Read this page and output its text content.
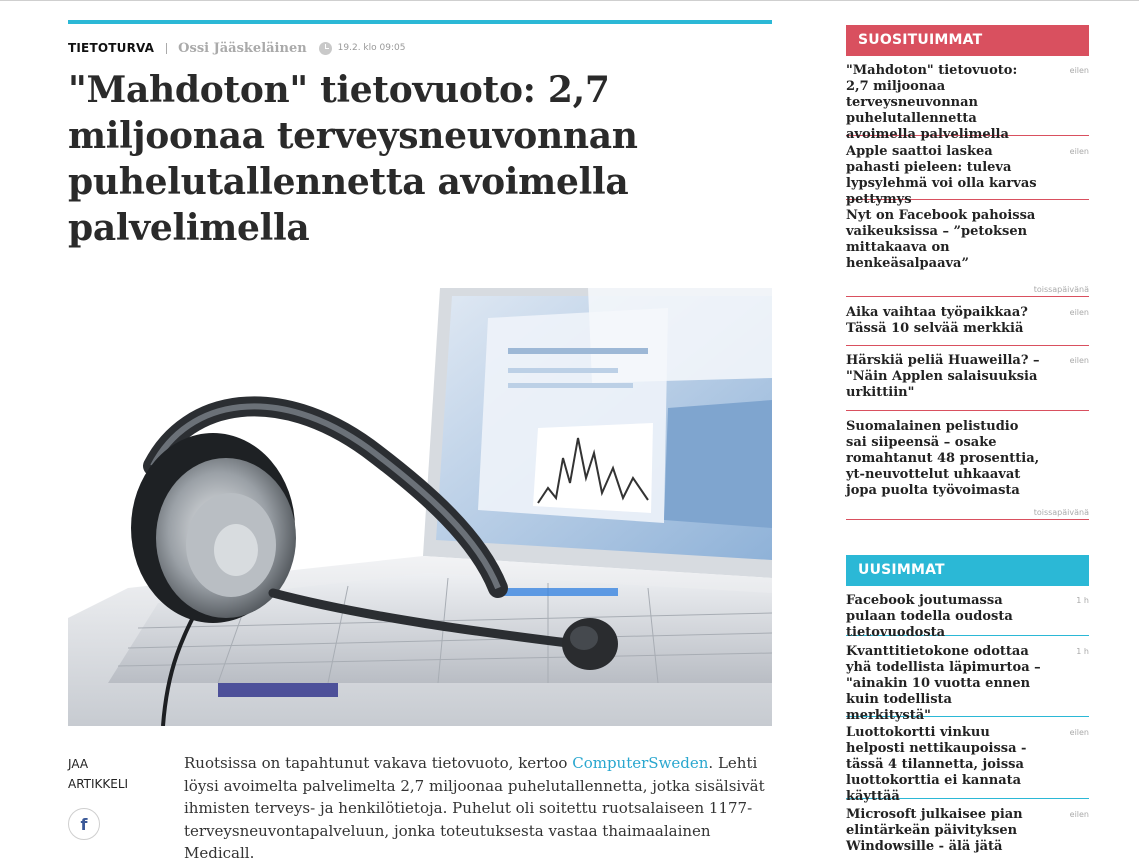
TIETOTURVA Ossi Jääskeläinen	19.2. klo 09:05
"Mahdoton" tietovuoto: 2,7 miljoonaa terveysneuvonnan puhelutallennetta avoimella palvelimella
JAA
ARTIKKELI
f
Ruotsissa on tapahtunut vakava tietovuoto, kertoo ComputerSweden. Lehti löysi avoimelta palvelimelta 2,7 miljoonaa puhelutallennetta, jotka sisälsivät ihmisten terveys- ja henkilötietoja. Puhelut oli soitettu ruotsalaiseen 1177-terveysneuvontapalveluun, jonka toteutuksesta vastaa thaimaalainen Medicall.
SUOSITUIMMAT
"Mahdoton" tietovuoto: 2,7 miljoonaa terveysneuvonnan puhelutallennetta avoimella palvelimella
eilen
Apple saattoi laskea pahasti pieleen: tuleva lypsylehmä voi olla karvas pettymys
eilen
Nyt on Facebook pahoissa vaikeuksissa – ”petoksen mittakaava on henkeäsalpaava”
toissapäivänä
Aika vaihtaa työpaikkaa? Tässä 10 selvää merkkiä
eilen
Härskiä peliä Huaweilla? – "Näin Applen salaisuuksia urkittiin"
eilen
Suomalainen pelistudio sai siipeensä – osake romahtanut 48 prosenttia, yt-neuvottelut uhkaavat jopa puolta työvoimasta
toissapäivänä
UUSIMMAT
Facebook joutumassa pulaan todella oudosta tietovuodosta
1 h
Kvanttitietokone odottaa yhä todellista läpimurtoa – "ainakin 10 vuotta ennen kuin todellista merkitystä"
1 h
Luottokortti vinkuu helposti nettikaupoissa - tässä 4 tilannetta, joissa luottokorttia ei kannata käyttää
eilen
Microsoft julkaisee pian elintärkeän päivityksen Windowsille - älä jätä
eilen
